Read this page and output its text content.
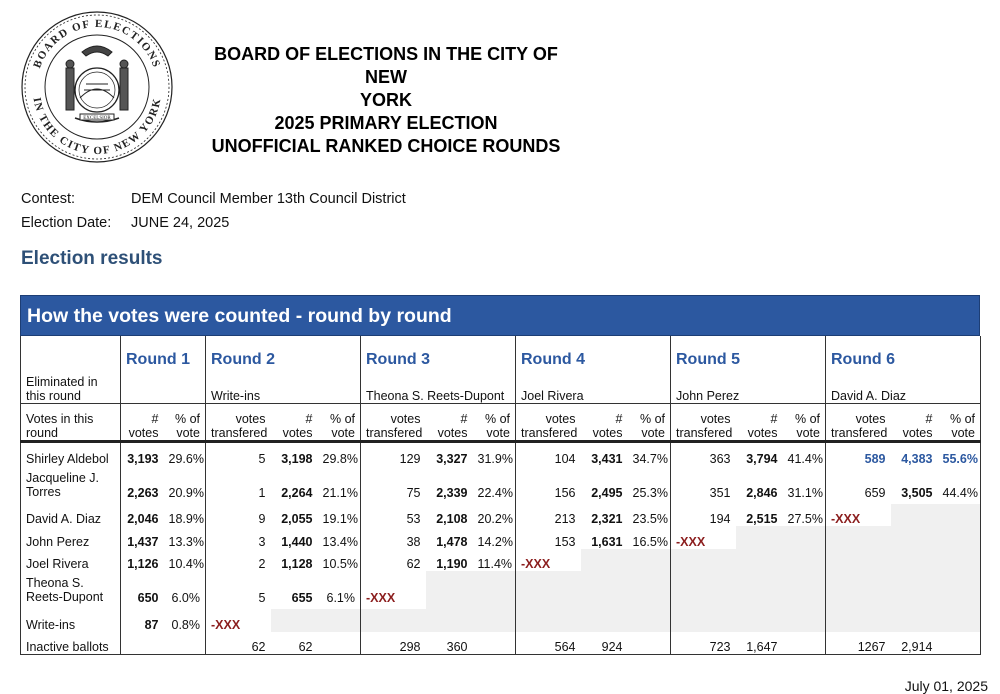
BOARD OF ELECTIONS
IN THE CITY OF NEW YORK
EXCELSIOR
BOARD OF ELECTIONS IN THE CITY OF NEW
YORK
2025 PRIMARY ELECTION
UNOFFICIAL RANKED CHOICE ROUNDS
Contest:	DEM Council Member 13th Council District
Election Date: JUNE 24, 2025
Election results
How the votes were counted - round by round
	Round 1		Round 2			Round 3			Round 4			Round 5			Round 6		
Eliminated in this round			Write-ins			Theona S. Reets-Dupont			Joel Rivera			John Perez			David A. Diaz		
Votes in this round	# votes	% of vote	votes transfered	# votes	% of vote	votes transfered	# votes	% of vote	votes transfered	# votes	% of vote	votes transfered	# votes	% of vote	votes transfered	# votes	% of vote
Shirley Aldebol	3,193	29.6%	5	3,198	29.8%	129	3,327	31.9%	104	3,431	34.7%	363	3,794	41.4%	589	4,383	55.6%
Jacqueline J. Torres	2,263	20.9%	1	2,264	21.1%	75	2,339	22.4%	156	2,495	25.3%	351	2,846	31.1%	659	3,505	44.4%
David A. Diaz	2,046	18.9%	9	2,055	19.1%	53	2,108	20.2%	213	2,321	23.5%	194	2,515	27.5%	-XXX		
John Perez	1,437	13.3%	3	1,440	13.4%	38	1,478	14.2%	153	1,631	16.5%	-XXX					
Joel Rivera	1,126	10.4%	2	1,128	10.5%	62	1,190	11.4%	-XXX								
Theona S. Reets-Dupont	650	6.0%	5	655	6.1%	-XXX											
Write-ins	87	0.8%	-XXX														
Inactive ballots			62	62		298	360		564	924		723	1,647		1267	2,914	
July 01, 2025
